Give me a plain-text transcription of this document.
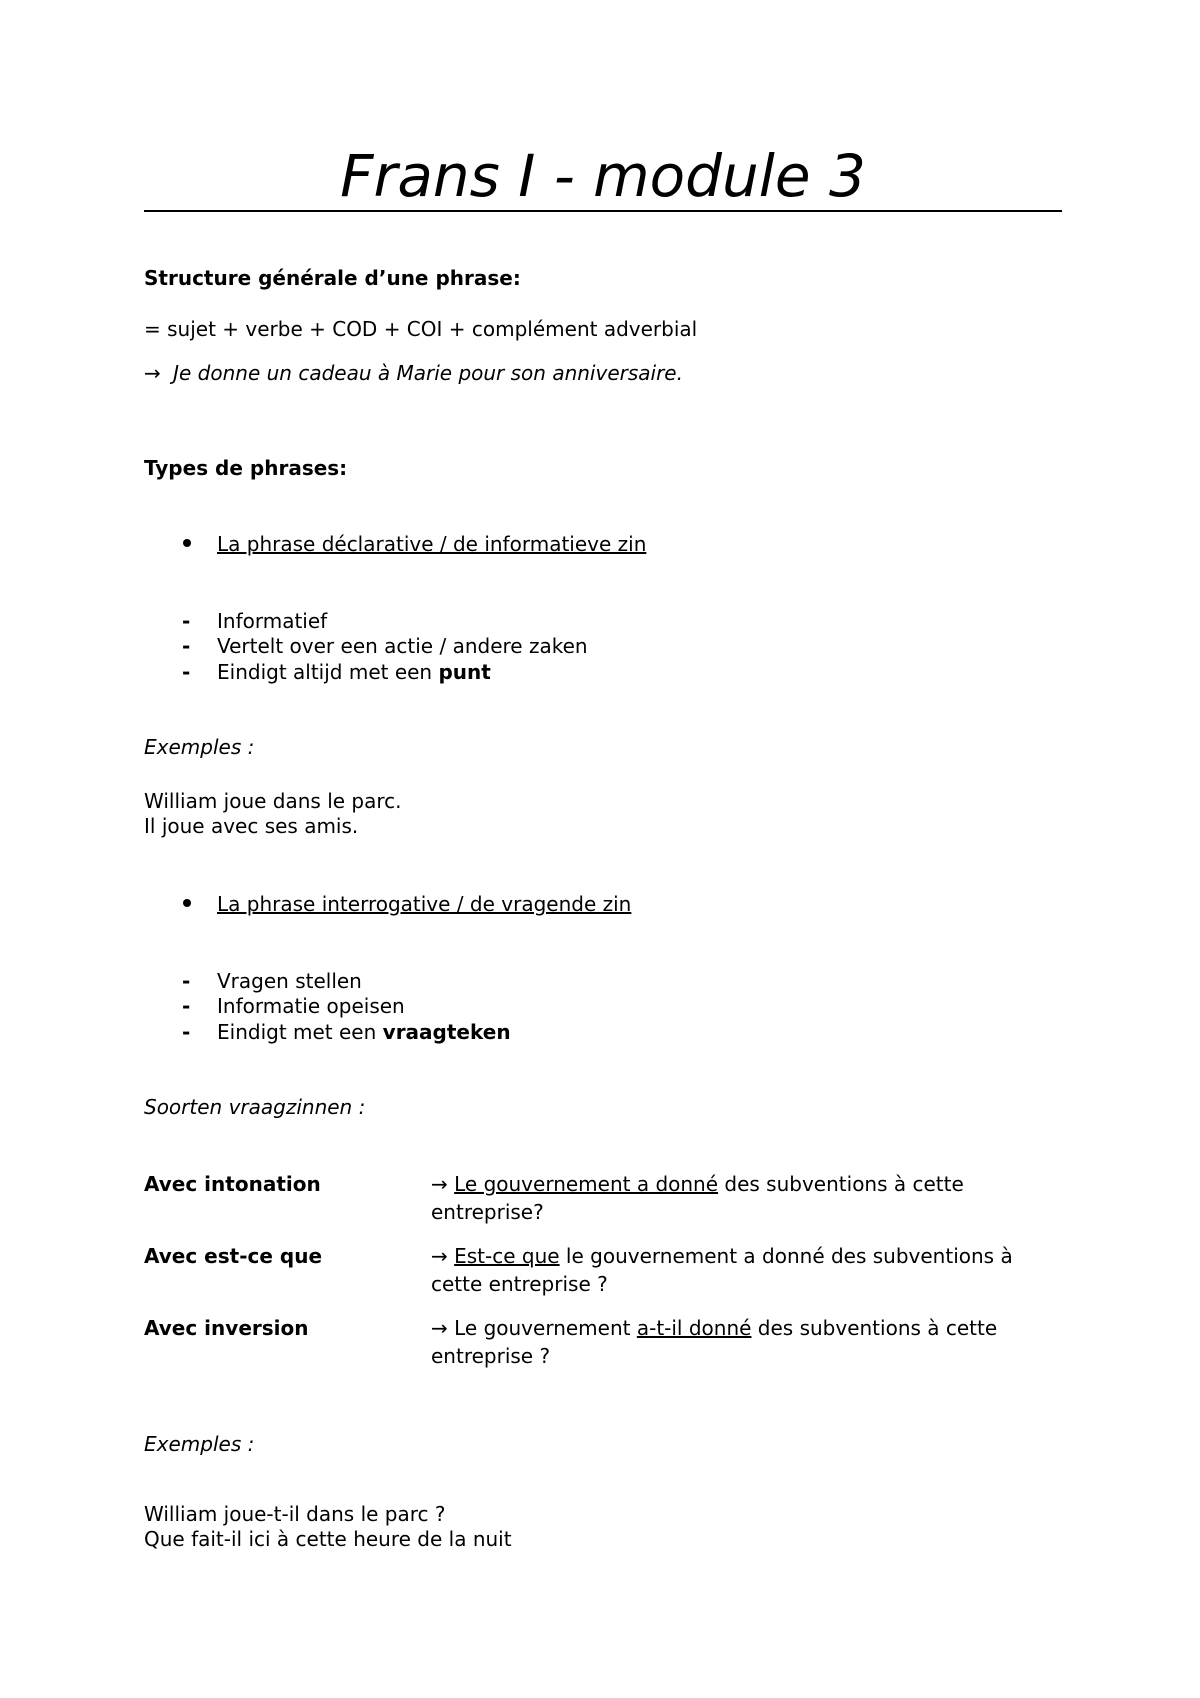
Frans I - module 3
Structure générale d’une phrase:
= sujet + verbe + COD + COI + complément adverbial
→ Je donne un cadeau à Marie pour son anniversaire.
Types de phrases:
La phrase déclarative / de informatieve zin
- Informatief
- Vertelt over een actie / andere zaken
- Eindigt altijd met een punt
Exemples :
William joue dans le parc.
Il joue avec ses amis.
La phrase interrogative / de vragende zin
- Vragen stellen
- Informatie opeisen
- Eindigt met een vraagteken
Soorten vraagzinnen :
Avec intonation	→ Le gouvernement a donné des subventions à cette
entreprise?
Avec est-ce que	→ Est-ce que le gouvernement a donné des subventions à
cette entreprise ?
Avec inversion	→ Le gouvernement a-t-il donné des subventions à cette
entreprise ?
Exemples :
William joue-t-il dans le parc ?
Que fait-il ici à cette heure de la nuit
